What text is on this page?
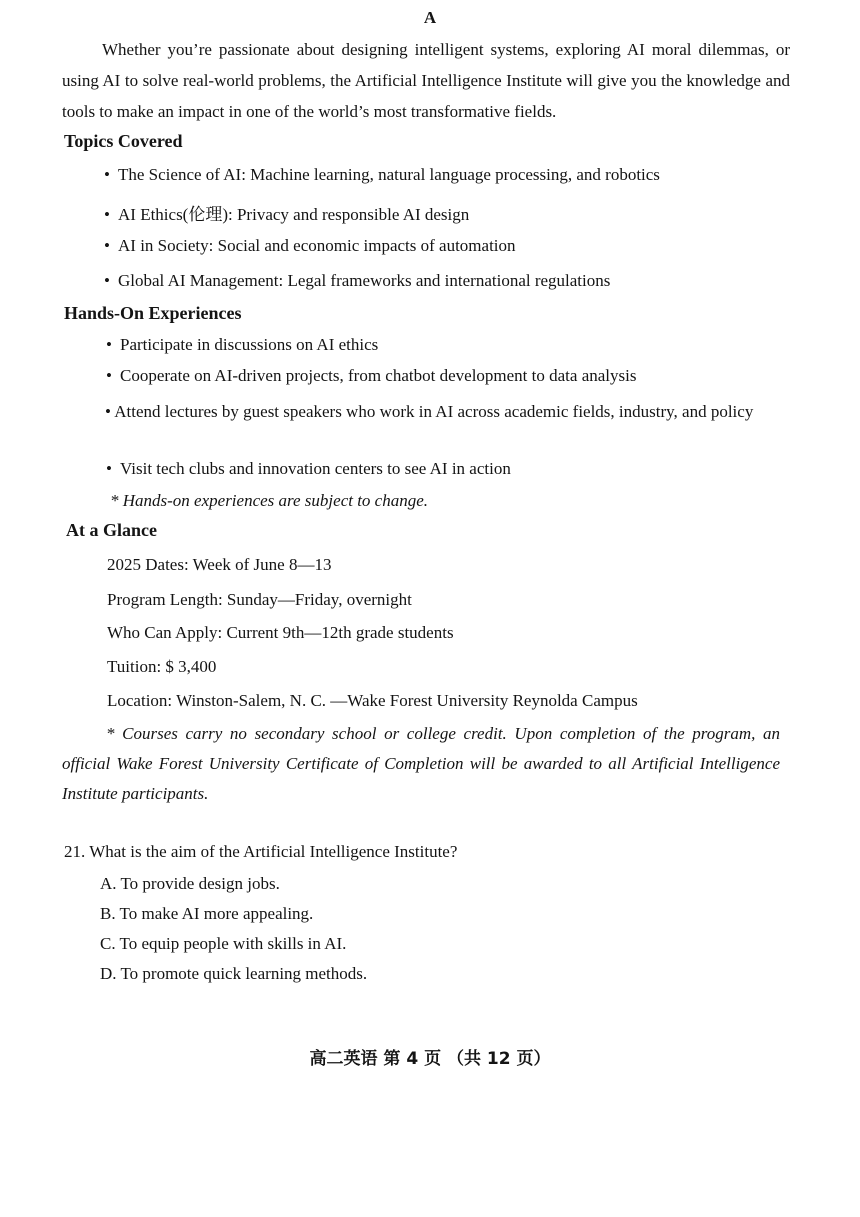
A

Whether you’re passionate about designing intelligent systems, exploring AI moral dilemmas, or using AI to solve real-world problems, the Artificial Intelligence Institute will give you the knowledge and tools to make an impact in one of the world’s most transformative fields.

Topics Covered
• The Science of AI: Machine learning, natural language processing, and robotics
• AI Ethics(伦理): Privacy and responsible AI design
• AI in Society: Social and economic impacts of automation
• Global AI Management: Legal frameworks and international regulations
Hands-On Experiences
• Participate in discussions on AI ethics
• Cooperate on AI-driven projects, from chatbot development to data analysis

• Attend lectures by guest speakers who work in AI across academic fields, industry, and policy

• Visit tech clubs and innovation centers to see AI in action
* Hands-on experiences are subject to change.
At a Glance
2025 Dates: Week of June 8—13
Program Length: Sunday—Friday, overnight
Who Can Apply: Current 9th—12th grade students
Tuition: $ 3,400
Location: Winston-Salem, N. C. —Wake Forest University Reynolda Campus

* Courses carry no secondary school or college credit. Upon completion of the program, an official Wake Forest University Certificate of Completion will be awarded to all Artificial Intelligence Institute participants.

21. What is the aim of the Artificial Intelligence Institute?
A. To provide design jobs.
B. To make AI more appealing.
C. To equip people with skills in AI.
D. To promote quick learning methods.
高二英语 第 4 页 （共 12 页）
